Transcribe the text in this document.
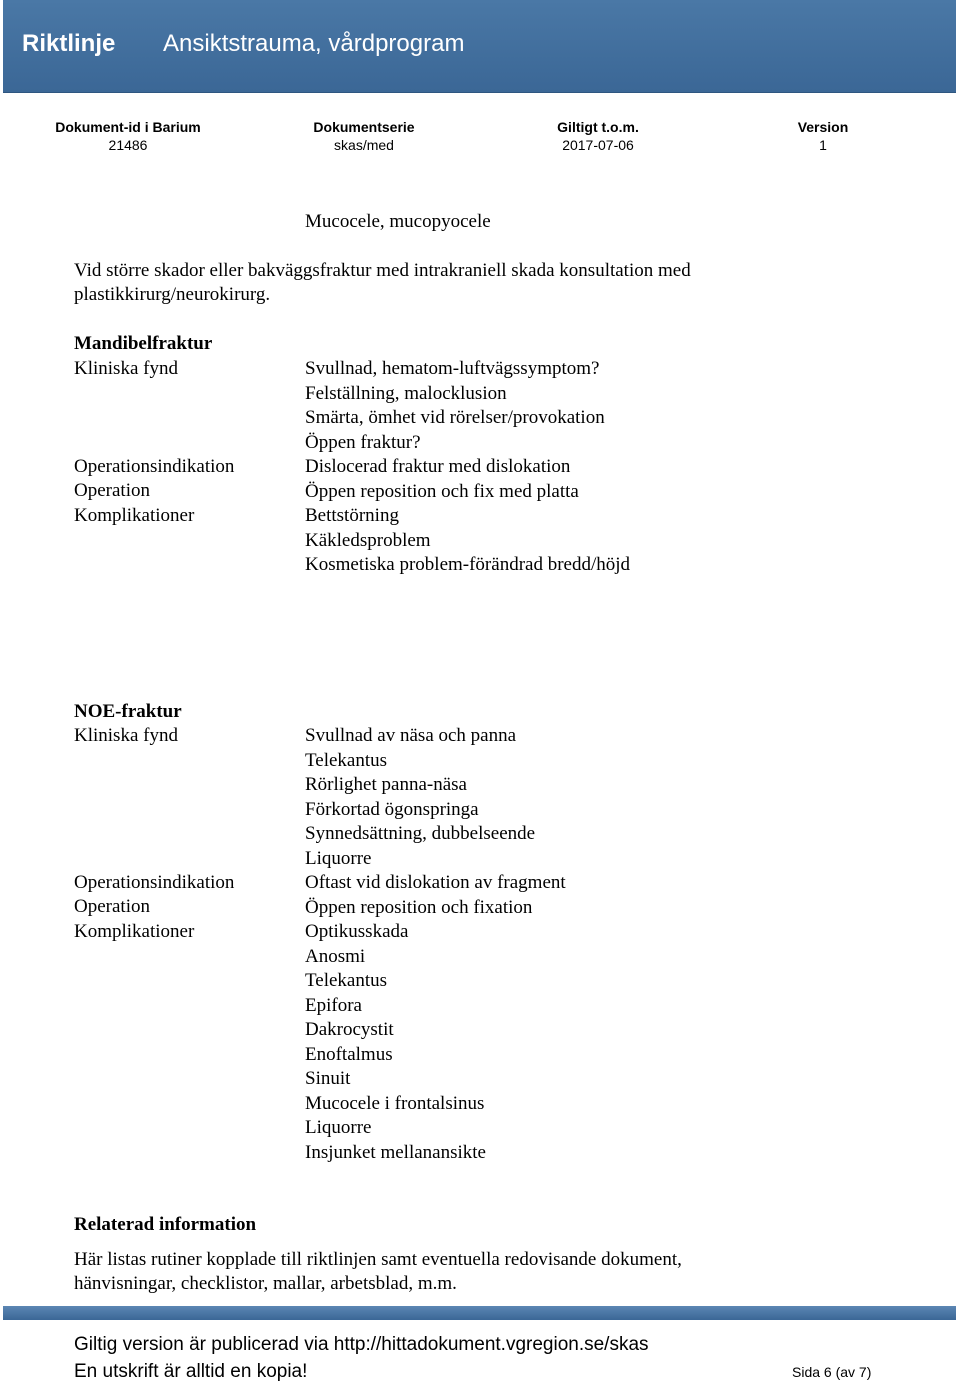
Riktlinje Ansiktstrauma, vårdprogram
Dokument-id i Barium
21486
Dokumentserie
skas/med
Giltigt t.o.m.
2017-07-06
Version
1
Mucocele, mucopyocele
Vid större skador eller bakväggsfraktur med intrakraniell skada konsultation med
plastikkirurg/neurokirurg.
Mandibelfraktur
Kliniska fynd
Operationsindikation
Operation
Komplikationer
Svullnad, hematom-luftvägssymptom?
Felställning, malocklusion
Smärta, ömhet vid rörelser/provokation
Öppen fraktur?
Dislocerad fraktur med dislokation
Öppen reposition och fix med platta
Bettstörning
Käkledsproblem
Kosmetiska problem-förändrad bredd/höjd
NOE-fraktur
Kliniska fynd
Operationsindikation
Operation
Komplikationer
Svullnad av näsa och panna
Telekantus
Rörlighet panna-näsa
Förkortad ögonspringa
Synnedsättning, dubbelseende
Liquorre
Oftast vid dislokation av fragment
Öppen reposition och fixation
Optikusskada
Anosmi
Telekantus
Epifora
Dakrocystit
Enoftalmus
Sinuit
Mucocele i frontalsinus
Liquorre
Insjunket mellanansikte
Relaterad information
Här listas rutiner kopplade till riktlinjen samt eventuella redovisande dokument,
hänvisningar, checklistor, mallar, arbetsblad, m.m.
Giltig version är publicerad via http://hittadokument.vgregion.se/skas
En utskrift är alltid en kopia!	Sida 6 (av 7)
